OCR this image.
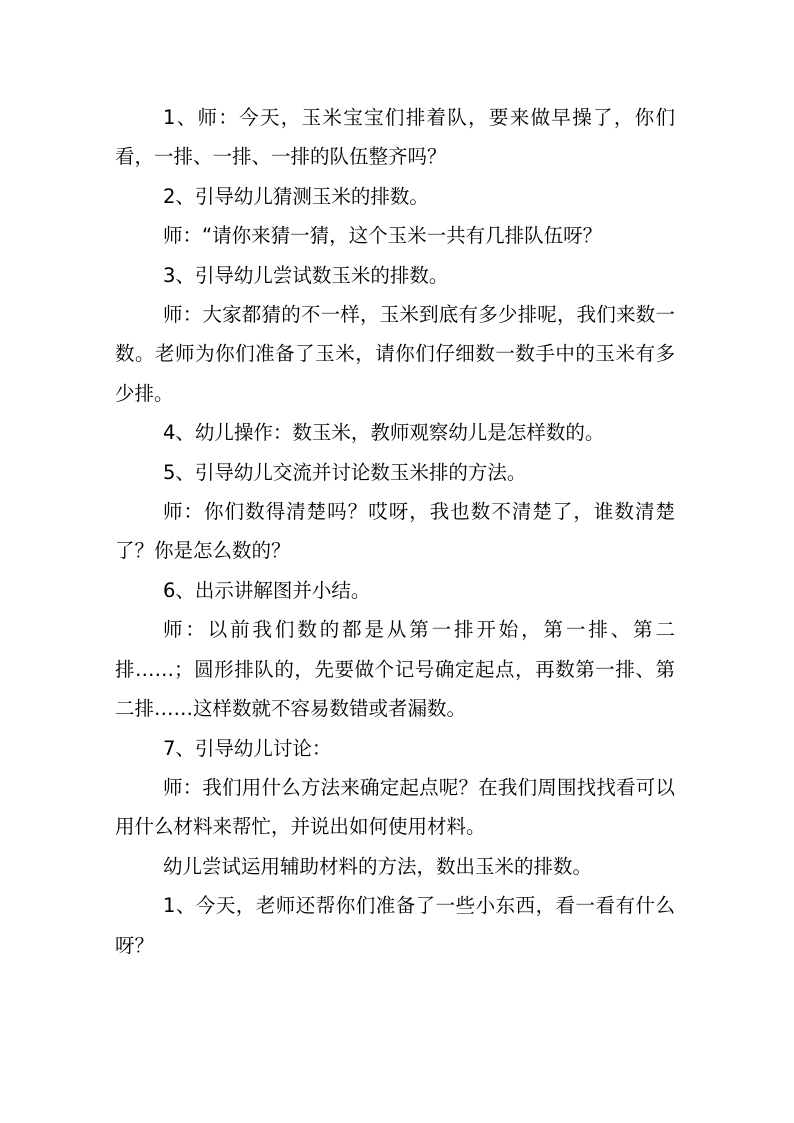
1、师：今天，玉米宝宝们排着队，要来做早操了，你们看，一排、一排、一排的队伍整齐吗？

2、引导幼儿猜测玉米的排数。

师：“请你来猜一猜，这个玉米一共有几排队伍呀？

3、引导幼儿尝试数玉米的排数。

师：大家都猜的不一样，玉米到底有多少排呢，我们来数一数。老师为你们准备了玉米，请你们仔细数一数手中的玉米有多少排。

4、幼儿操作：数玉米，教师观察幼儿是怎样数的。

5、引导幼儿交流并讨论数玉米排的方法。

师：你们数得清楚吗？哎呀，我也数不清楚了，谁数清楚了？你是怎么数的？

6、出示讲解图并小结。

师：以前我们数的都是从第一排开始，第一排、第二排……；圆形排队的，先要做个记号确定起点，再数第一排、第二排……这样数就不容易数错或者漏数。

7、引导幼儿讨论：

师：我们用什么方法来确定起点呢？在我们周围找找看可以用什么材料来帮忙，并说出如何使用材料。

幼儿尝试运用辅助材料的方法，数出玉米的排数。

1、今天，老师还帮你们准备了一些小东西，看一看有什么呀？
